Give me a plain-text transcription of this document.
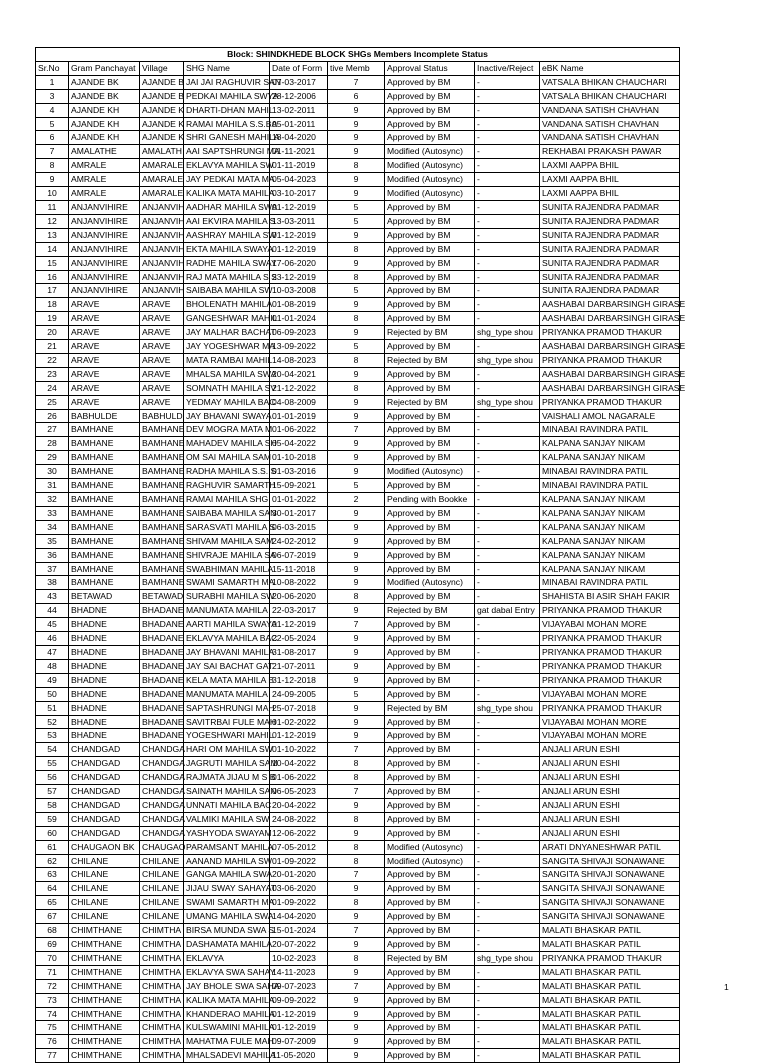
Block: SHINDKHEDE BLOCK SHGs Members Incomplete Status								
Sr.No	Gram Panchayat	Village	SHG Name	Date of Form	tive Memb	Approval Status	Inactive/Reject	eBK Name
1	AJANDE BK	AJANDE B	JAI JAI RAGHUVIR SAN	07-03-2017	7	Approved by BM	-	VATSALA BHIKAN CHAUCHARI
3	AJANDE BK	AJANDE B	PEDKAI MAHILA SWYA	28-12-2006	6	Approved by BM	-	VATSALA BHIKAN CHAUCHARI
4	AJANDE KH	AJANDE K	DHARTI-DHAN MAHIL	13-02-2011	9	Approved by BM	-	VANDANA SATISH CHAVHAN
5	AJANDE KH	AJANDE K	RAMAI MAHILA S.S.BA	05-01-2011	9	Approved by BM	-	VANDANA SATISH CHAVHAN
6	AJANDE KH	AJANDE K	SHRI GANESH MAHILA	18-04-2020	9	Approved by BM	-	VANDANA SATISH CHAVHAN
7	AMALATHE	AMALATH	AAI SAPTSHRUNGI MA	01-11-2021	9	Modified (Autosync)	-	REKHABAI PRAKASH PAWAR
8	AMRALE	AMARALE	EKLAVYA MAHILA SW	01-11-2019	8	Modified (Autosync)	-	LAXMI AAPPA BHIL
9	AMRALE	AMARALE	JAY PEDKAI MATA MA	05-04-2023	9	Modified (Autosync)	-	LAXMI AAPPA BHIL
10	AMRALE	AMARALE	KALIKA MATA MAHILA	03-10-2017	9	Modified (Autosync)	-	LAXMI AAPPA BHIL
11	ANJANVIHIRE	ANJANVIH	AADHAR MAHILA SWA	01-12-2019	5	Approved by BM	-	SUNITA RAJENDRA PADMAR
12	ANJANVIHIRE	ANJANVIH	AAI EKVIRA MAHILA S	13-03-2011	5	Approved by BM	-	SUNITA RAJENDRA PADMAR
13	ANJANVIHIRE	ANJANVIH	AASHRAY MAHILA SW	01-12-2019	9	Approved by BM	-	SUNITA RAJENDRA PADMAR
14	ANJANVIHIRE	ANJANVIH	EKTA MAHILA SWAYA	01-12-2019	8	Approved by BM	-	SUNITA RAJENDRA PADMAR
15	ANJANVIHIRE	ANJANVIH	RADHE MAHILA SWAY	17-06-2020	9	Approved by BM	-	SUNITA RAJENDRA PADMAR
16	ANJANVIHIRE	ANJANVIH	RAJ MATA MAHILA S S	23-12-2019	8	Approved by BM	-	SUNITA RAJENDRA PADMAR
17	ANJANVIHIRE	ANJANVIH	SAIBABA MAHILA SW	10-03-2008	5	Approved by BM	-	SUNITA RAJENDRA PADMAR
18	ARAVE	ARAVE	BHOLENATH MAHILA	01-08-2019	9	Approved by BM	-	AASHABAI DARBARSINGH GIRASE
19	ARAVE	ARAVE	GANGESHWAR MAHIL	01-01-2024	8	Approved by BM	-	AASHABAI DARBARSINGH GIRASE
20	ARAVE	ARAVE	JAY MALHAR BACHAT	06-09-2023	9	Rejected by BM	shg_type shou	PRIYANKA PRAMOD THAKUR
21	ARAVE	ARAVE	JAY YOGESHWAR MA	13-09-2022	5	Approved by BM	-	AASHABAI DARBARSINGH GIRASE
22	ARAVE	ARAVE	MATA RAMBAI MAHIL	14-08-2023	8	Rejected by BM	shg_type shou	PRIYANKA PRAMOD THAKUR
23	ARAVE	ARAVE	MHALSA MAHILA SWA	20-04-2021	9	Approved by BM	-	AASHABAI DARBARSINGH GIRASE
24	ARAVE	ARAVE	SOMNATH MAHILA SV	21-12-2022	8	Approved by BM	-	AASHABAI DARBARSINGH GIRASE
25	ARAVE	ARAVE	YEDMAY MAHILA BAC	04-08-2009	9	Rejected by BM	shg_type shou	PRIYANKA PRAMOD THAKUR
26	BABHULDE	BABHULD	JAY BHAVANI SWAYA	01-01-2019	9	Approved by BM	-	VAISHALI AMOL NAGARALE
27	BAMHANE	BAMHANE	DEV MOGRA MATA M	01-06-2022	7	Approved by BM	-	MINABAI RAVINDRA PATIL
28	BAMHANE	BAMHANE	MAHADEV MAHILA SH	05-04-2022	9	Approved by BM	-	KALPANA SANJAY NIKAM
29	BAMHANE	BAMHANE	OM SAI MAHILA SAM	01-10-2018	9	Approved by BM	-	KALPANA SANJAY NIKAM
30	BAMHANE	BAMHANE	RADHA MAHILA S.S. S	01-03-2016	9	Modified (Autosync)	-	MINABAI RAVINDRA PATIL
31	BAMHANE	BAMHANE	RAGHUVIR SAMARTH	15-09-2021	5	Approved by BM	-	MINABAI RAVINDRA PATIL
32	BAMHANE	BAMHANE	RAMAI MAHILA SHG	01-01-2022	2	Pending with Bookke	-	KALPANA SANJAY NIKAM
33	BAMHANE	BAMHANE	SAIBABA MAHILA SAN	30-01-2017	9	Approved by BM	-	KALPANA SANJAY NIKAM
34	BAMHANE	BAMHANE	SARASVATI MAHILA S	06-03-2015	9	Approved by BM	-	KALPANA SANJAY NIKAM
35	BAMHANE	BAMHANE	SHIVAM MAHILA SAM	24-02-2012	9	Approved by BM	-	KALPANA SANJAY NIKAM
36	BAMHANE	BAMHANE	SHIVRAJE MAHILA SA	06-07-2019	9	Approved by BM	-	KALPANA SANJAY NIKAM
37	BAMHANE	BAMHANE	SWABHIMAN MAHILA	15-11-2018	9	Approved by BM	-	KALPANA SANJAY NIKAM
38	BAMHANE	BAMHANE	SWAMI SAMARTH MA	10-08-2022	9	Modified (Autosync)	-	MINABAI RAVINDRA PATIL
43	BETAWAD	BETAWAD	SURABHI MAHILA SW	20-06-2020	8	Approved by BM	-	SHAHISTA BI ASIR SHAH FAKIR
44	BHADNE	BHADANE	MANUMATA MAHILA	22-03-2017	9	Rejected by BM	gat dabal Entry	PRIYANKA PRAMOD THAKUR
45	BHADNE	BHADANE	AARTI MAHILA SWAYA	01-12-2019	7	Approved by BM	-	VIJAYABAI MOHAN MORE
46	BHADNE	BHADANE	EKLAVYA MAHILA BAC	22-05-2024	9	Approved by BM	-	PRIYANKA PRAMOD THAKUR
47	BHADNE	BHADANE	JAY BHAVANI MAHILA	31-08-2017	9	Approved by BM	-	PRIYANKA PRAMOD THAKUR
48	BHADNE	BHADANE	JAY SAI BACHAT GAT	21-07-2011	9	Approved by BM	-	PRIYANKA PRAMOD THAKUR
49	BHADNE	BHADANE	KELA MATA MAHILA B	31-12-2018	9	Approved by BM	-	PRIYANKA PRAMOD THAKUR
50	BHADNE	BHADANE	MANUMATA MAHILA	24-09-2005	5	Approved by BM	-	VIJAYABAI MOHAN MORE
51	BHADNE	BHADANE	SAPTASHRUNGI MAH	25-07-2018	9	Rejected by BM	shg_type shou	PRIYANKA PRAMOD THAKUR
52	BHADNE	BHADANE	SAVITRBAI FULE MAH	01-02-2022	9	Approved by BM	-	VIJAYABAI MOHAN MORE
53	BHADNE	BHADANE	YOGESHWARI MAHIL	01-12-2019	9	Approved by BM	-	VIJAYABAI MOHAN MORE
54	CHANDGAD	CHANDGA	HARI OM MAHILA SW	01-10-2022	7	Approved by BM	-	ANJALI ARUN ESHI
55	CHANDGAD	CHANDGA	JAGRUTI MAHILA SAM	10-04-2022	8	Approved by BM	-	ANJALI ARUN ESHI
56	CHANDGAD	CHANDGA	RAJMATA JIJAU M S B	01-06-2022	8	Approved by BM	-	ANJALI ARUN ESHI
57	CHANDGAD	CHANDGA	SAINATH MAHILA SAN	06-05-2023	7	Approved by BM	-	ANJALI ARUN ESHI
58	CHANDGAD	CHANDGA	UNNATI MAHILA BAC	20-04-2022	9	Approved by BM	-	ANJALI ARUN ESHI
59	CHANDGAD	CHANDGA	VALMIKI MAHILA SW	24-08-2022	8	Approved by BM	-	ANJALI ARUN ESHI
60	CHANDGAD	CHANDGA	YASHYODA SWAYAM	12-06-2022	9	Approved by BM	-	ANJALI ARUN ESHI
61	CHAUGAON BK	CHAUGAO	PARAMSANT MAHILA	07-05-2012	8	Modified (Autosync)	-	ARATI DNYANESHWAR PATIL
62	CHILANE	CHILANE	AANAND MAHILA SW	01-09-2022	8	Modified (Autosync)	-	SANGITA SHIVAJI SONAWANE
63	CHILANE	CHILANE	GANGA MAHILA SWA	20-01-2020	7	Approved by BM	-	SANGITA SHIVAJI SONAWANE
64	CHILANE	CHILANE	JIJAU SWAY SAHAYAT	03-06-2020	9	Approved by BM	-	SANGITA SHIVAJI SONAWANE
65	CHILANE	CHILANE	SWAMI SAMARTH MA	01-09-2022	8	Approved by BM	-	SANGITA SHIVAJI SONAWANE
67	CHILANE	CHILANE	UMANG MAHILA SWA	14-04-2020	9	Approved by BM	-	SANGITA SHIVAJI SONAWANE
68	CHIMTHANE	CHIMTHA	BIRSA MUNDA SWA S	15-01-2024	7	Approved by BM	-	MALATI BHASKAR PATIL
69	CHIMTHANE	CHIMTHA	DASHAMATA MAHILA	20-07-2022	9	Approved by BM	-	MALATI BHASKAR PATIL
70	CHIMTHANE	CHIMTHA	EKLAVYA	10-02-2023	8	Rejected by BM	shg_type shou	PRIYANKA PRAMOD THAKUR
71	CHIMTHANE	CHIMTHA	EKLAVYA SWA SAHAY	14-11-2023	9	Approved by BM	-	MALATI BHASKAR PATIL
72	CHIMTHANE	CHIMTHA	JAY BHOLE SWA SAHA	09-07-2023	7	Approved by BM	-	MALATI BHASKAR PATIL
73	CHIMTHANE	CHIMTHA	KALIKA MATA MAHILA	09-09-2022	9	Approved by BM	-	MALATI BHASKAR PATIL
74	CHIMTHANE	CHIMTHA	KHANDERAO MAHILA	01-12-2019	9	Approved by BM	-	MALATI BHASKAR PATIL
75	CHIMTHANE	CHIMTHA	KULSWAMINI MAHILA	01-12-2019	9	Approved by BM	-	MALATI BHASKAR PATIL
76	CHIMTHANE	CHIMTHA	MAHATMA FULE MAH	09-07-2009	9	Approved by BM	-	MALATI BHASKAR PATIL
77	CHIMTHANE	CHIMTHA	MHALSADEVI MAHILA	11-05-2020	9	Approved by BM	-	MALATI BHASKAR PATIL
1
